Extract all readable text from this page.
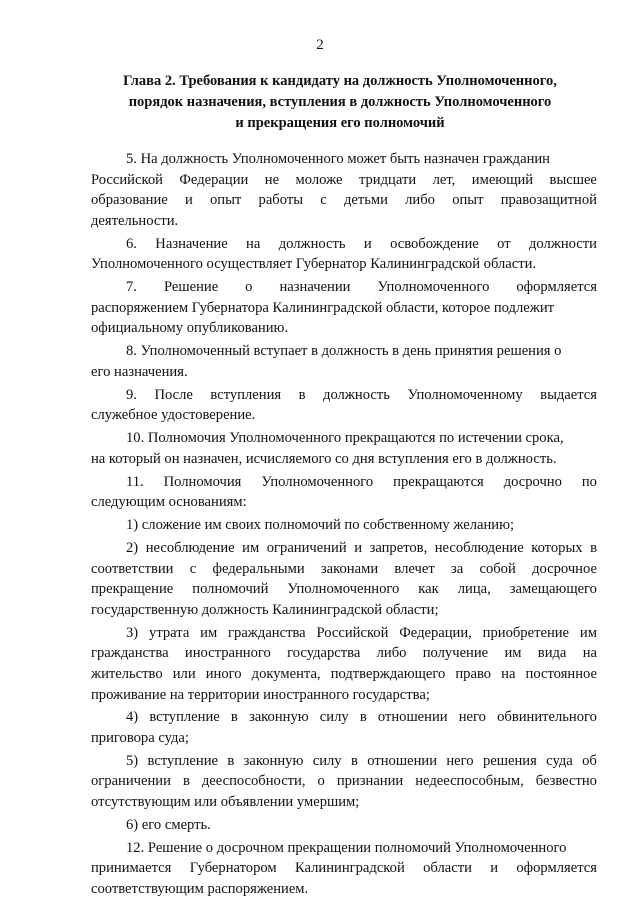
2
Глава 2. Требования к кандидату на должность Уполномоченного,
порядок назначения, вступления в должность Уполномоченного
и прекращения его полномочий
5. На должность Уполномоченного может быть назначен гражданин
Российской Федерации не моложе тридцати лет, имеющий высшее
образование и опыт работы с детьми либо опыт правозащитной
деятельности.
6. Назначение на должность и освобождение от должности
Уполномоченного осуществляет Губернатор Калининградской области.
7. Решение о назначении Уполномоченного оформляется
распоряжением Губернатора Калининградской области, которое подлежит
официальному опубликованию.
8. Уполномоченный вступает в должность в день принятия решения о
его назначения.
9. После вступления в должность Уполномоченному выдается
служебное удостоверение.
10. Полномочия Уполномоченного прекращаются по истечении срока,
на который он назначен, исчисляемого со дня вступления его в должность.
11. Полномочия Уполномоченного прекращаются досрочно по
следующим основаниям:
1) сложение им своих полномочий по собственному желанию;
2) несоблюдение им ограничений и запретов, несоблюдение которых в
соответствии с федеральными законами влечет за собой досрочное
прекращение полномочий Уполномоченного как лица, замещающего
государственную должность Калининградской области;
3) утрата им гражданства Российской Федерации, приобретение им
гражданства иностранного государства либо получение им вида на
жительство или иного документа, подтверждающего право на постоянное
проживание на территории иностранного государства;
4) вступление в законную силу в отношении него обвинительного
приговора суда;
5) вступление в законную силу в отношении него решения суда об
ограничении в дееспособности, о признании недееспособным, безвестно
отсутствующим или объявлении умершим;
6) его смерть.
12. Решение о досрочном прекращении полномочий Уполномоченного
принимается Губернатором Калининградской области и оформляется
соответствующим распоряжением.
